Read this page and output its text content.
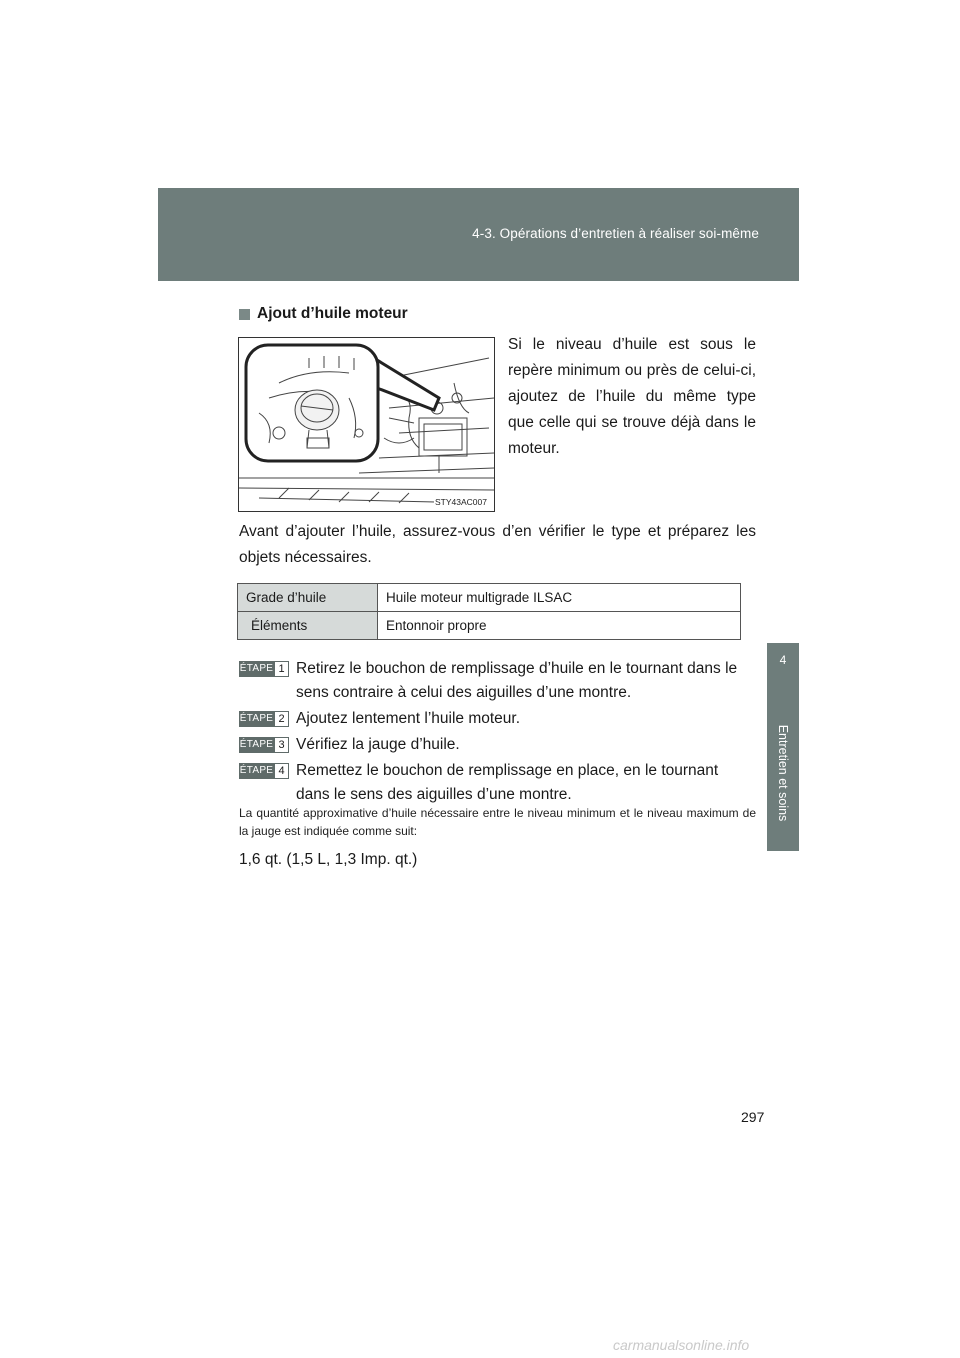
4-3. Opérations d’entretien à réaliser soi-même
4
Entretien et soins
Ajout d’huile moteur
STY43AC007
Si le niveau d’huile est sous le repère minimum ou près de celui-ci, ajoutez de l’huile du même type que celle qui se trouve déjà dans le moteur.
Avant d’ajouter l’huile, assurez-vous d’en vérifier le type et préparez les objets nécessaires.
Grade d’huile	Huile moteur multigrade ILSAC
Éléments	Entonnoir propre
ÉTAPE 1 Retirez le bouchon de remplissage d’huile en le tournant dans le sens contraire à celui des aiguilles d’une montre.
ÉTAPE 2 Ajoutez lentement l’huile moteur.
ÉTAPE 3 Vérifiez la jauge d’huile.
ÉTAPE 4 Remettez le bouchon de remplissage en place, en le tournant dans le sens des aiguilles d’une montre.
La quantité approximative d’huile nécessaire entre le niveau minimum et le niveau maximum de la jauge est indiquée comme suit:
1,6 qt. (1,5 L, 1,3 Imp. qt.)
297
carmanualsonline.info
